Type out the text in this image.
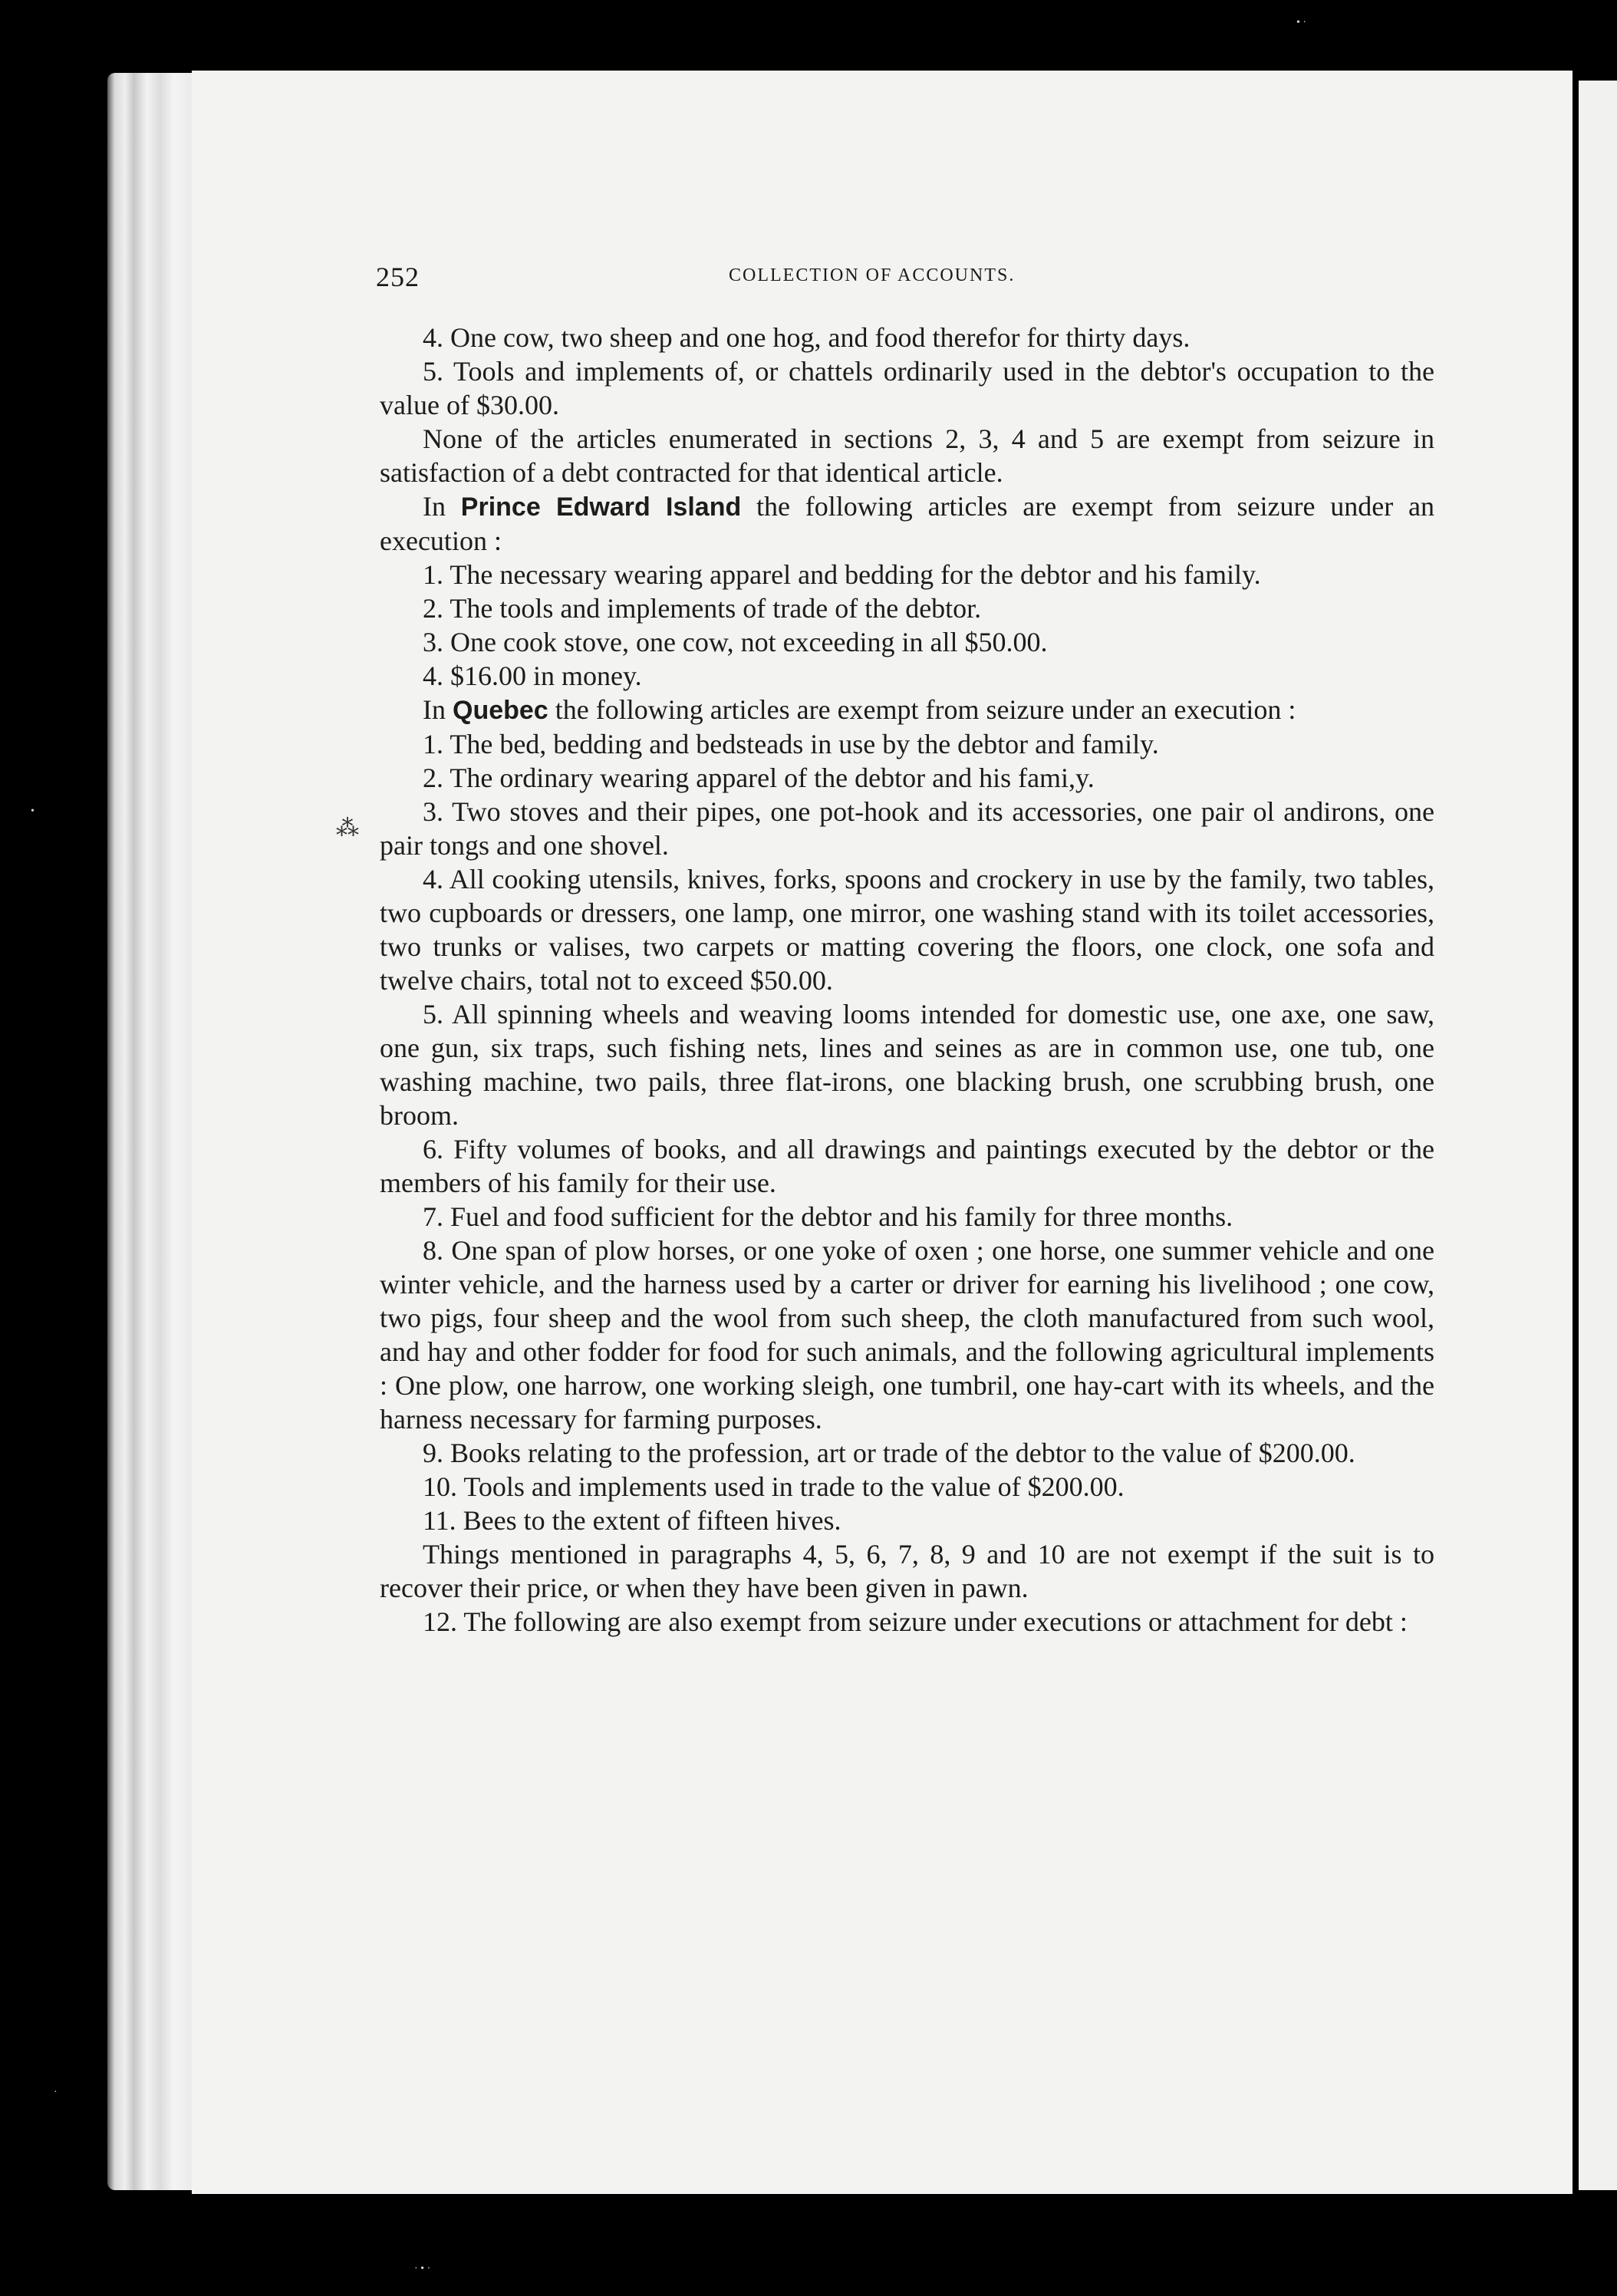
252	COLLECTION OF ACCOUNTS.
⁂

4. One cow, two sheep and one hog, and food therefor for thirty days.

5. Tools and implements of, or chattels ordinarily used in the debtor's occupation to the value of $30.00.

None of the articles enumerated in sections 2, 3, 4 and 5 are exempt from seizure in satisfaction of a debt contracted for that identical article.

In Prince Edward Island the following articles are exempt from seizure under an execution :

1. The necessary wearing apparel and bedding for the debtor and his family.

2. The tools and implements of trade of the debtor.

3. One cook stove, one cow, not exceeding in all $50.00.

4. $16.00 in money.

In Quebec the following articles are exempt from seizure under an execution :

1. The bed, bedding and bedsteads in use by the debtor and family.

2. The ordinary wearing apparel of the debtor and his fami,y.

3. Two stoves and their pipes, one pot-hook and its accessories, one pair ol andirons, one pair tongs and one shovel.

4. All cooking utensils, knives, forks, spoons and crockery in use by the family, two tables, two cupboards or dressers, one lamp, one mirror, one washing stand with its toilet accessories, two trunks or valises, two carpets or matting covering the floors, one clock, one sofa and twelve chairs, total not to exceed $50.00.

5. All spinning wheels and weaving looms intended for domestic use, one axe, one saw, one gun, six traps, such fishing nets, lines and seines as are in common use, one tub, one washing machine, two pails, three flat-irons, one blacking brush, one scrubbing brush, one broom.

6. Fifty volumes of books, and all drawings and paintings executed by the debtor or the members of his family for their use.

7. Fuel and food sufficient for the debtor and his family for three months.

8. One span of plow horses, or one yoke of oxen ; one horse, one summer vehicle and one winter vehicle, and the harness used by a carter or driver for earning his livelihood ; one cow, two pigs, four sheep and the wool from such sheep, the cloth manufactured from such wool, and hay and other fodder for food for such animals, and the following agricultural implements : One plow, one harrow, one working sleigh, one tumbril, one hay-cart with its wheels, and the harness necessary for farming purposes.

9. Books relating to the profession, art or trade of the debtor to the value of $200.00.

10. Tools and implements used in trade to the value of $200.00.

11. Bees to the extent of fifteen hives.

Things mentioned in paragraphs 4, 5, 6, 7, 8, 9 and 10 are not exempt if the suit is to recover their price, or when they have been given in pawn.

12. The following are also exempt from seizure under executions or attachment for debt :

• ·
•
·
· • ·
